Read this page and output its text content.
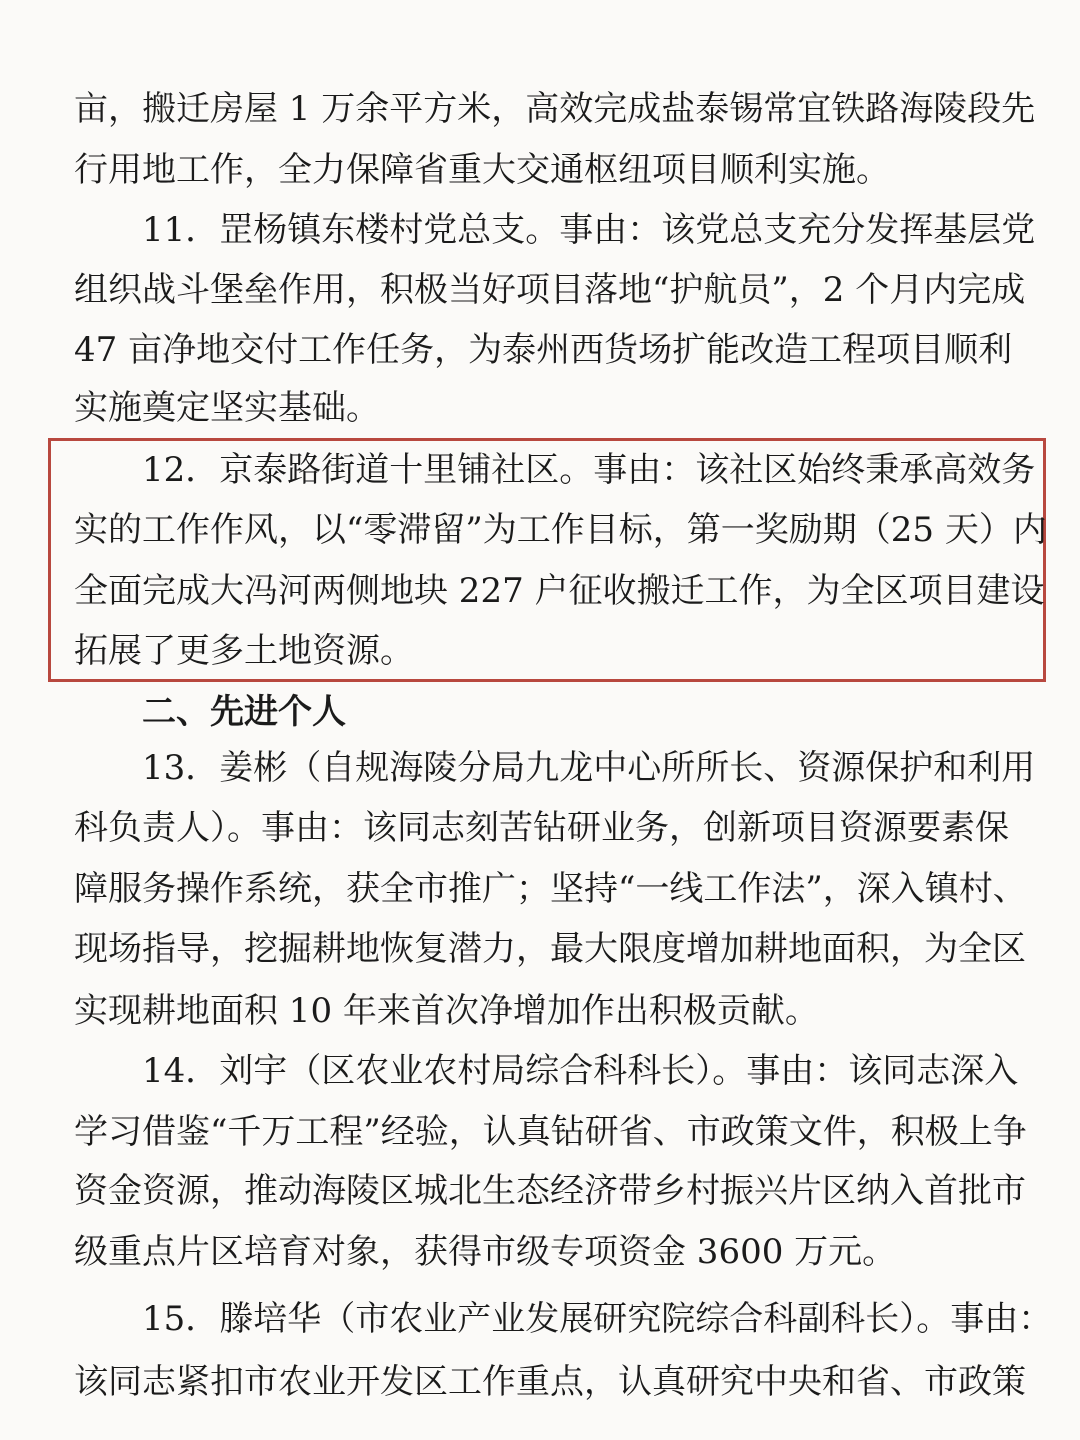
亩，搬迁房屋 1 万余平方米，高效完成盐泰锡常宜铁路海陵段先
行用地工作，全力保障省重大交通枢纽项目顺利实施。
11．罡杨镇东楼村党总支。事由：该党总支充分发挥基层党
组织战斗堡垒作用，积极当好项目落地“护航员”，2 个月内完成
47 亩净地交付工作任务，为泰州西货场扩能改造工程项目顺利
实施奠定坚实基础。
12．京泰路街道十里铺社区。事由：该社区始终秉承高效务
实的工作作风，以“零滞留”为工作目标，第一奖励期（25 天）内
全面完成大冯河两侧地块 227 户征收搬迁工作，为全区项目建设
拓展了更多土地资源。
二、先进个人
13．姜彬（自规海陵分局九龙中心所所长、资源保护和利用
科负责人）。事由：该同志刻苦钻研业务，创新项目资源要素保
障服务操作系统，获全市推广；坚持“一线工作法”，深入镇村、
现场指导，挖掘耕地恢复潜力，最大限度增加耕地面积，为全区
实现耕地面积 10 年来首次净增加作出积极贡献。
14．刘宇（区农业农村局综合科科长）。事由：该同志深入
学习借鉴“千万工程”经验，认真钻研省、市政策文件，积极上争
资金资源，推动海陵区城北生态经济带乡村振兴片区纳入首批市
级重点片区培育对象，获得市级专项资金 3600 万元。
15．滕培华（市农业产业发展研究院综合科副科长）。事由：
该同志紧扣市农业开发区工作重点，认真研究中央和省、市政策
